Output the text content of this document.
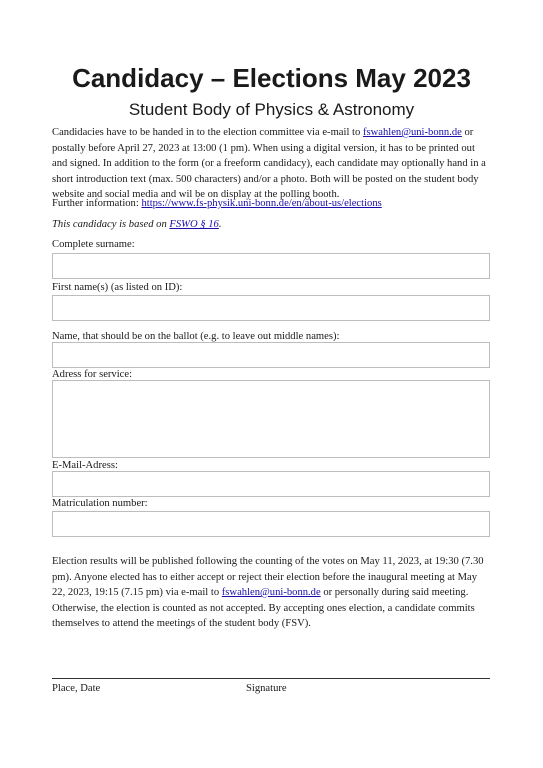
Candidacy – Elections May 2023
Student Body of Physics & Astronomy
Candidacies have to be handed in to the election committee via e-mail to fswahlen@uni-bonn.de or postally before April 27, 2023 at 13:00 (1 pm). When using a digital version, it has to be printed out and signed. In addition to the form (or a freeform candidacy), each candidate may optionally hand in a short introduction text (max. 500 characters) and/or a photo. Both will be posted on the student body website and social media and wil be on display at the polling booth.
Further information: https://www.fs-physik.uni-bonn.de/en/about-us/elections
This candidacy is based on FSWO § 16.
Complete surname:
First name(s) (as listed on ID):
Name, that should be on the ballot (e.g. to leave out middle names):
Adress for service:
E-Mail-Adress:
Matriculation number:
Election results will be published following the counting of the votes on May 11, 2023, at 19:30 (7.30 pm). Anyone elected has to either accept or reject their election before the inaugural meeting at May 22, 2023, 19:15 (7.15 pm) via e-mail to fswahlen@uni-bonn.de or personally during said meeting. Otherwise, the election is counted as not accepted. By accepting ones election, a candidate commits themselves to attend the meetings of the student body (FSV).
Place, Date	Signature
